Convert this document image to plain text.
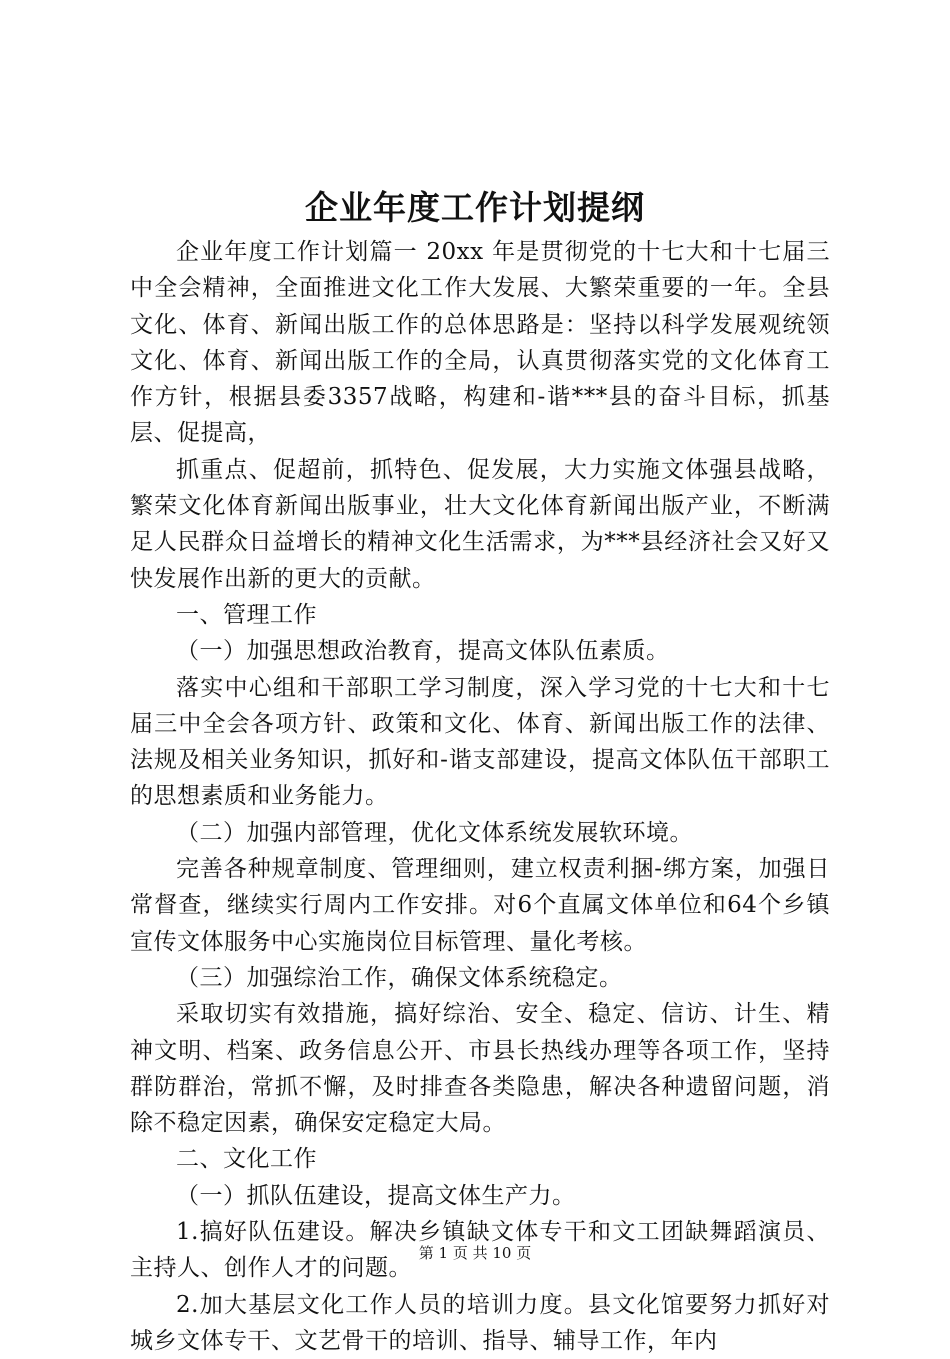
企业年度工作计划提纲

企业年度工作计划篇一 20xx 年是贯彻党的十七大和十七届三中全会精神，全面推进文化工作大发展、大繁荣重要的一年。全县文化、体育、新闻出版工作的总体思路是：坚持以科学发展观统领文化、体育、新闻出版工作的全局，认真贯彻落实党的文化体育工作方针，根据县委3357战略，构建和-谐***县的奋斗目标，抓基层、促提高，

抓重点、促超前，抓特色、促发展，大力实施文体强县战略，繁荣文化体育新闻出版事业，壮大文化体育新闻出版产业，不断满足人民群众日益增长的精神文化生活需求，为***县经济社会又好又快发展作出新的更大的贡献。

一、管理工作

（一）加强思想政治教育，提高文体队伍素质。

落实中心组和干部职工学习制度，深入学习党的十七大和十七届三中全会各项方针、政策和文化、体育、新闻出版工作的法律、法规及相关业务知识，抓好和-谐支部建设，提高文体队伍干部职工的思想素质和业务能力。

（二）加强内部管理，优化文体系统发展软环境。

完善各种规章制度、管理细则，建立权责利捆-绑方案，加强日常督查，继续实行周内工作安排。对6个直属文体单位和64个乡镇宣传文体服务中心实施岗位目标管理、量化考核。

（三）加强综治工作，确保文体系统稳定。

采取切实有效措施，搞好综治、安全、稳定、信访、计生、精神文明、档案、政务信息公开、市县长热线办理等各项工作，坚持群防群治，常抓不懈，及时排查各类隐患，解决各种遗留问题，消除不稳定因素，确保安定稳定大局。

二、文化工作

（一）抓队伍建设，提高文体生产力。

1.搞好队伍建设。解决乡镇缺文体专干和文工团缺舞蹈演员、主持人、创作人才的问题。

2.加大基层文化工作人员的培训力度。县文化馆要努力抓好对城乡文体专干、文艺骨干的培训、指导、辅导工作，年内

第 1 页 共 10 页
